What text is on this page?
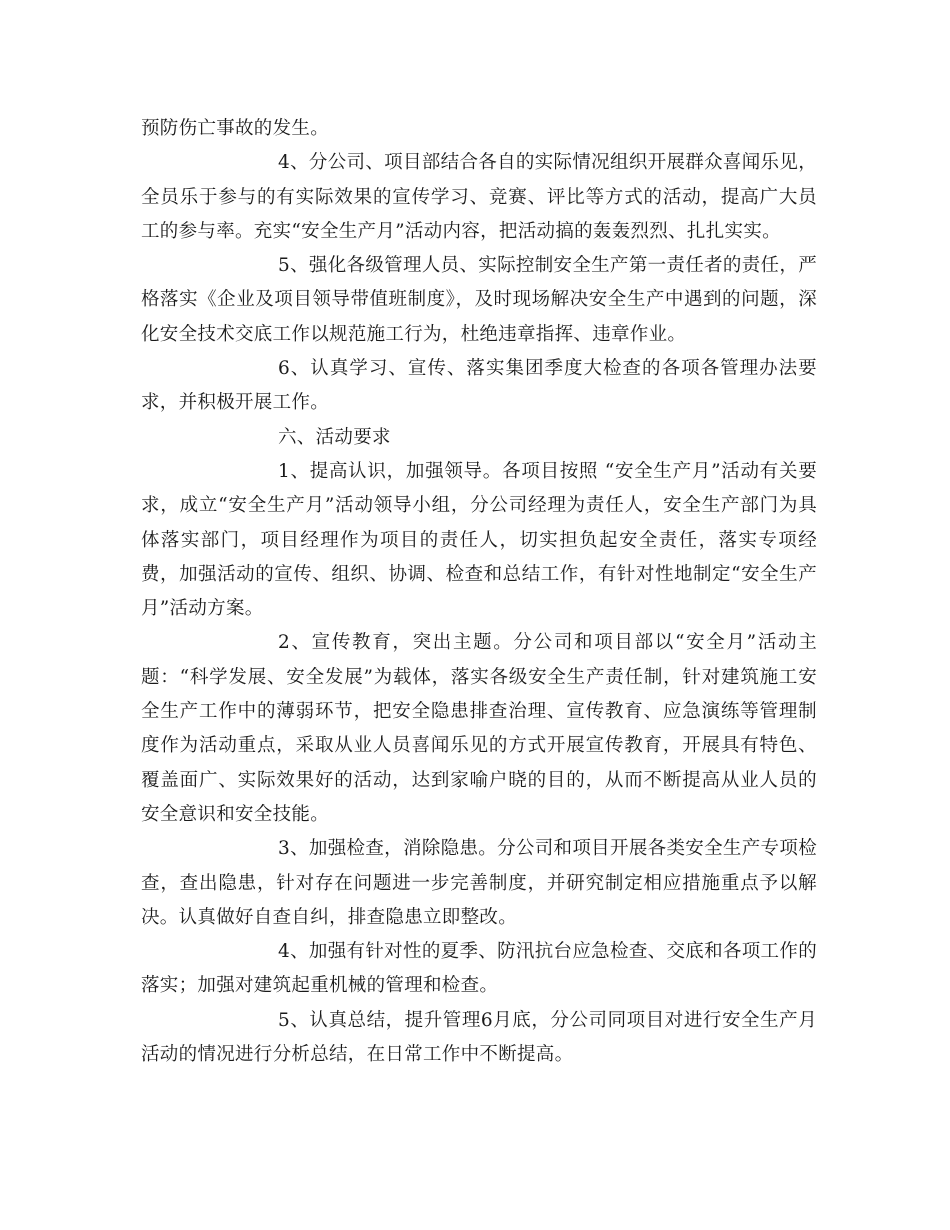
预防伤亡事故的发生。

4、分公司、项目部结合各自的实际情况组织开展群众喜闻乐见，全员乐于参与的有实际效果的宣传学习、竞赛、评比等方式的活动，提高广大员工的参与率。充实“安全生产月”活动内容，把活动搞的轰轰烈烈、扎扎实实。

5、强化各级管理人员、实际控制安全生产第一责任者的责任，严格落实《企业及项目领导带值班制度》，及时现场解决安全生产中遇到的问题，深化安全技术交底工作以规范施工行为，杜绝违章指挥、违章作业。

6、认真学习、宣传、落实集团季度大检查的各项各管理办法要求，并积极开展工作。

六、活动要求

1、提高认识，加强领导。各项目按照 “安全生产月”活动有关要求，成立“安全生产月”活动领导小组，分公司经理为责任人，安全生产部门为具体落实部门，项目经理作为项目的责任人，切实担负起安全责任，落实专项经费，加强活动的宣传、组织、协调、检查和总结工作，有针对性地制定“安全生产月”活动方案。

2、宣传教育，突出主题。分公司和项目部以“安全月”活动主题：“科学发展、安全发展”为载体，落实各级安全生产责任制，针对建筑施工安全生产工作中的薄弱环节，把安全隐患排查治理、宣传教育、应急演练等管理制度作为活动重点，采取从业人员喜闻乐见的方式开展宣传教育，开展具有特色、覆盖面广、实际效果好的活动，达到家喻户晓的目的，从而不断提高从业人员的安全意识和安全技能。

3、加强检查，消除隐患。分公司和项目开展各类安全生产专项检查，查出隐患，针对存在问题进一步完善制度，并研究制定相应措施重点予以解决。认真做好自查自纠，排查隐患立即整改。

4、加强有针对性的夏季、防汛抗台应急检查、交底和各项工作的落实；加强对建筑起重机械的管理和检查。

5、认真总结，提升管理6月底，分公司同项目对进行安全生产月活动的情况进行分析总结，在日常工作中不断提高。
